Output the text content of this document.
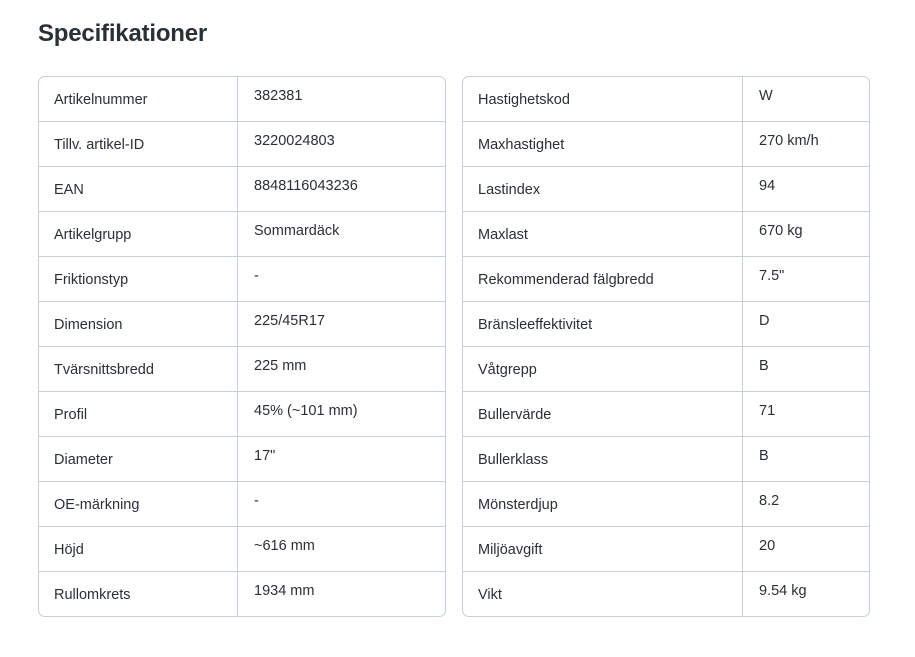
Specifikationer
Artikelnummer	382381
Tillv. artikel-ID	3220024803
EAN	8848116043236
Artikelgrupp	Sommardäck
Friktionstyp	-
Dimension	225/45R17
Tvärsnittsbredd	225 mm
Profil	45% (~101 mm)
Diameter	17"
OE-märkning	-
Höjd	~616 mm
Rullomkrets	1934 mm
Hastighetskod	W
Maxhastighet	270 km/h
Lastindex	94
Maxlast	670 kg
Rekommenderad fälgbredd	7.5"
Bränsleeffektivitet	D
Våtgrepp	B
Bullervärde	71
Bullerklass	B
Mönsterdjup	8.2
Miljöavgift	20
Vikt	9.54 kg
